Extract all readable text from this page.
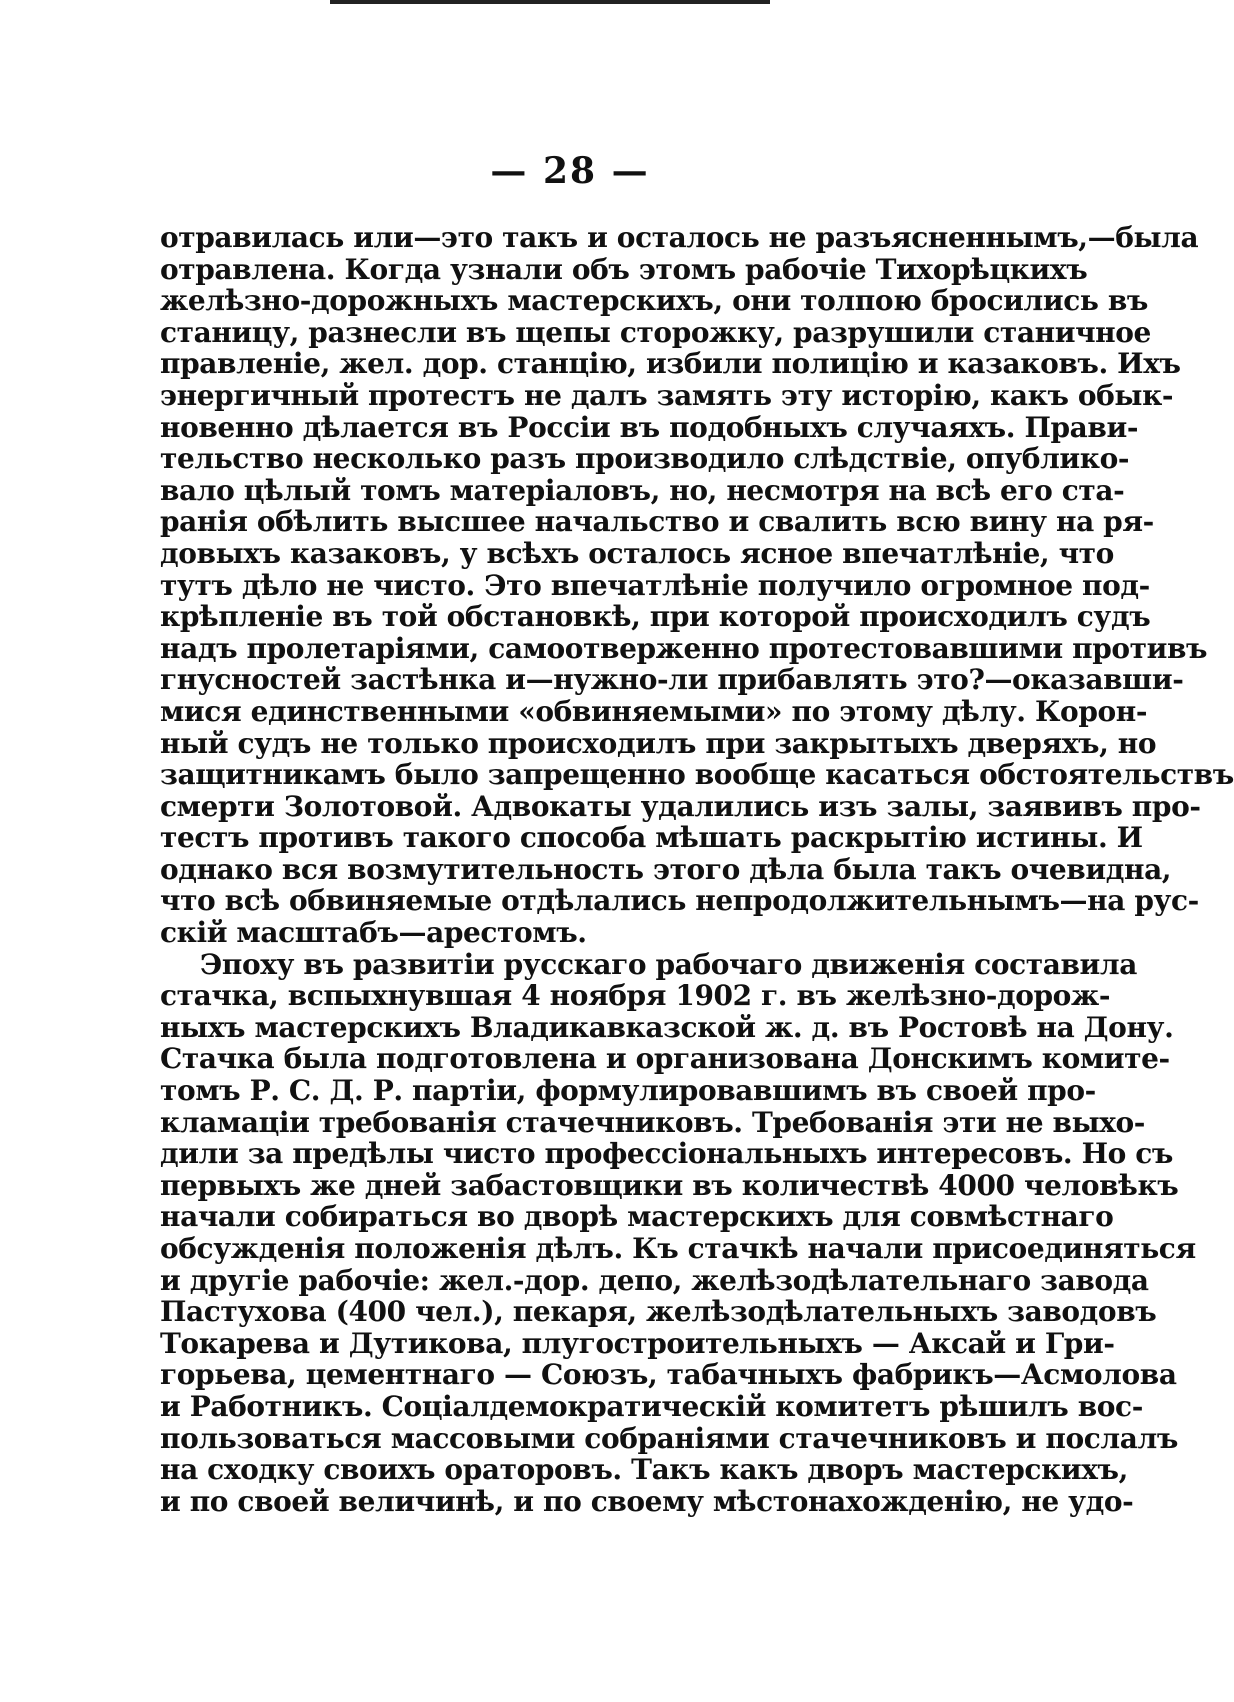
— 28 —
отравилась или—это такъ и осталось не разъясненнымъ,—была
отравлена. Когда узнали объ этомъ рабочіе Тихорѣцкихъ
желѣзно-дорожныхъ мастерскихъ, они толпою бросились въ
станицу, разнесли въ щепы сторожку, разрушили станичное
правленіе, жел. дор. станцію, избили полицію и казаковъ. Ихъ
энергичный протестъ не далъ замять эту исторію, какъ обык-
новенно дѣлается въ Россіи въ подобныхъ случаяхъ. Прави-
тельство несколько разъ производило слѣдствіе, опублико-
вало цѣлый томъ матеріаловъ, но, несмотря на всѣ его ста-
ранія обѣлить высшее начальство и свалить всю вину на ря-
довыхъ казаковъ, у всѣхъ осталось ясное впечатлѣніе, что
тутъ дѣло не чисто. Это впечатлѣніе получило огромное под-
крѣпленіе въ той обстановкѣ, при которой происходилъ судъ
надъ пролетаріями, самоотверженно протестовавшими противъ
гнусностей застѣнка и—нужно-ли прибавлять это?—оказавши-
мися единственными «обвиняемыми» по этому дѣлу. Корон-
ный судъ не только происходилъ при закрытыхъ дверяхъ, но
защитникамъ было запрещенно вообще касаться обстоятельствъ
смерти Золотовой. Адвокаты удалились изъ залы, заявивъ про-
тестъ противъ такого способа мѣшать раскрытію истины. И
однако вся возмутительность этого дѣла была такъ очевидна,
что всѣ обвиняемые отдѣлались непродолжительнымъ—на рус-
скій масштабъ—арестомъ.
Эпоху въ развитіи русскаго рабочаго движенія составила
стачка, вспыхнувшая 4 ноября 1902 г. въ желѣзно-дорож-
ныхъ мастерскихъ Владикавказской ж. д. въ Ростовѣ на Дону.
Стачка была подготовлена и организована Донскимъ комите-
томъ Р. С. Д. Р. партіи, формулировавшимъ въ своей про-
кламаціи требованія стачечниковъ. Требованія эти не выхо-
дили за предѣлы чисто профессіональныхъ интересовъ. Но съ
первыхъ же дней забастовщики въ количествѣ 4000 человѣкъ
начали собираться во дворѣ мастерскихъ для совмѣстнаго
обсужденія положенія дѣлъ. Къ стачкѣ начали присоединяться
и другіе рабочіе: жел.-дор. депо, желѣзодѣлательнаго завода
Пастухова (400 чел.), пекаря, желѣзодѣлательныхъ заводовъ
Токарева и Дутикова, плугостроительныхъ — Аксай и Гри-
горьева, цементнаго — Союзъ, табачныхъ фабрикъ—Асмолова
и Работникъ. Соціалдемократическій комитетъ рѣшилъ вос-
пользоваться массовыми собраніями стачечниковъ и послалъ
на сходку своихъ ораторовъ. Такъ какъ дворъ мастерскихъ,
и по своей величинѣ, и по своему мѣстонахожденію, не удо-
